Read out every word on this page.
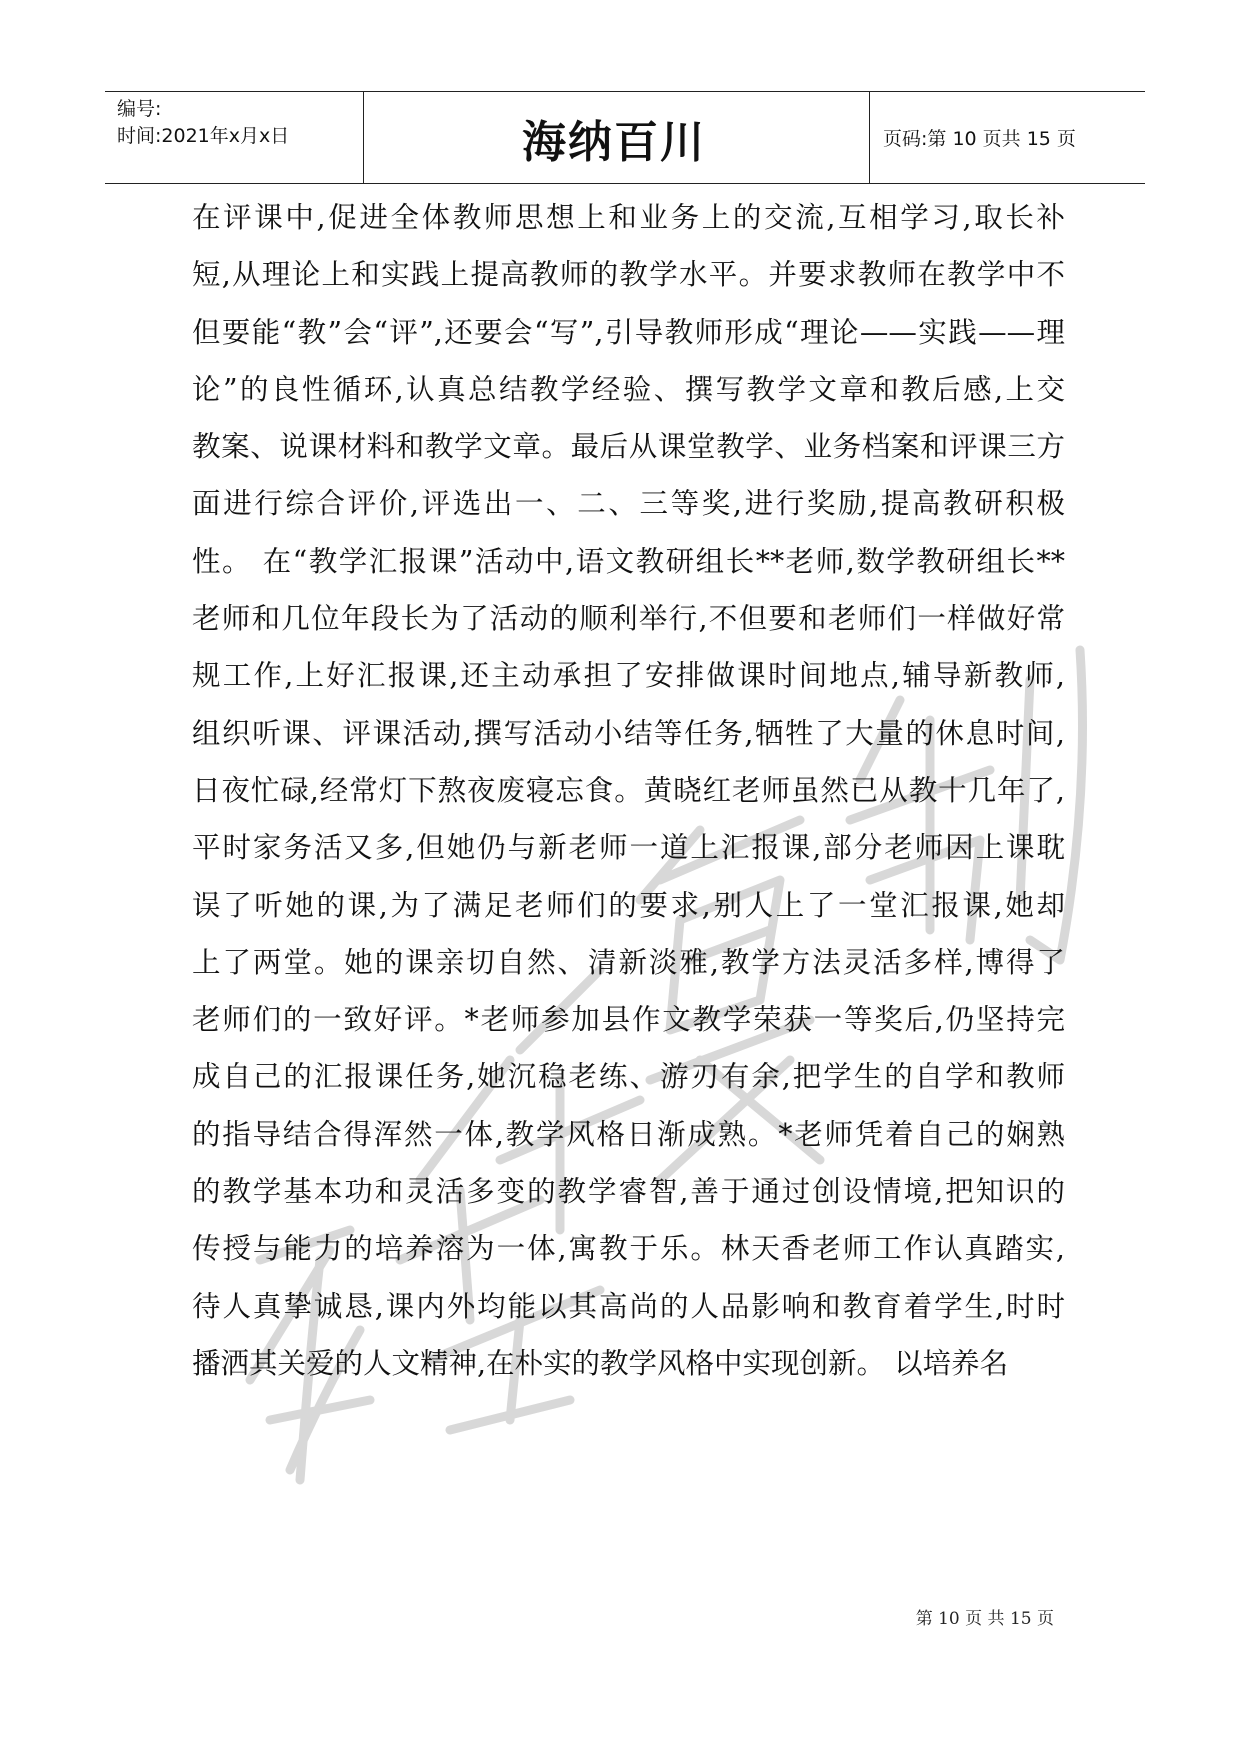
编号:
时间:2021年x月x日	海纳百川	页码:第 10 页共 15 页
在评课中,促进全体教师思想上和业务上的交流,互相学习,取长补
短,从理论上和实践上提高教师的教学水平。并要求教师在教学中不
但要能“教”会“评”,还要会“写”,引导教师形成“理论——实践——理
论”的良性循环,认真总结教学经验、撰写教学文章和教后感,上交
教案、说课材料和教学文章。最后从课堂教学、业务档案和评课三方
面进行综合评价,评选出一、二、三等奖,进行奖励,提高教研积极
性。 在“教学汇报课”活动中,语文教研组长**老师,数学教研组长**
老师和几位年段长为了活动的顺利举行,不但要和老师们一样做好常
规工作,上好汇报课,还主动承担了安排做课时间地点,辅导新教师,
组织听课、评课活动,撰写活动小结等任务,牺牲了大量的休息时间,
日夜忙碌,经常灯下熬夜废寝忘食。黄晓红老师虽然已从教十几年了,
平时家务活又多,但她仍与新老师一道上汇报课,部分老师因上课耽
误了听她的课,为了满足老师们的要求,别人上了一堂汇报课,她却
上了两堂。她的课亲切自然、清新淡雅,教学方法灵活多样,博得了
老师们的一致好评。*老师参加县作文教学荣获一等奖后,仍坚持完
成自己的汇报课任务,她沉稳老练、游刃有余,把学生的自学和教师
的指导结合得浑然一体,教学风格日渐成熟。*老师凭着自己的娴熟
的教学基本功和灵活多变的教学睿智,善于通过创设情境,把知识的
传授与能力的培养溶为一体,寓教于乐。林天香老师工作认真踏实,
待人真挚诚恳,课内外均能以其高尚的人品影响和教育着学生,时时
播洒其关爱的人文精神,在朴实的教学风格中实现创新。 以培养名
第 10 页 共 15 页
